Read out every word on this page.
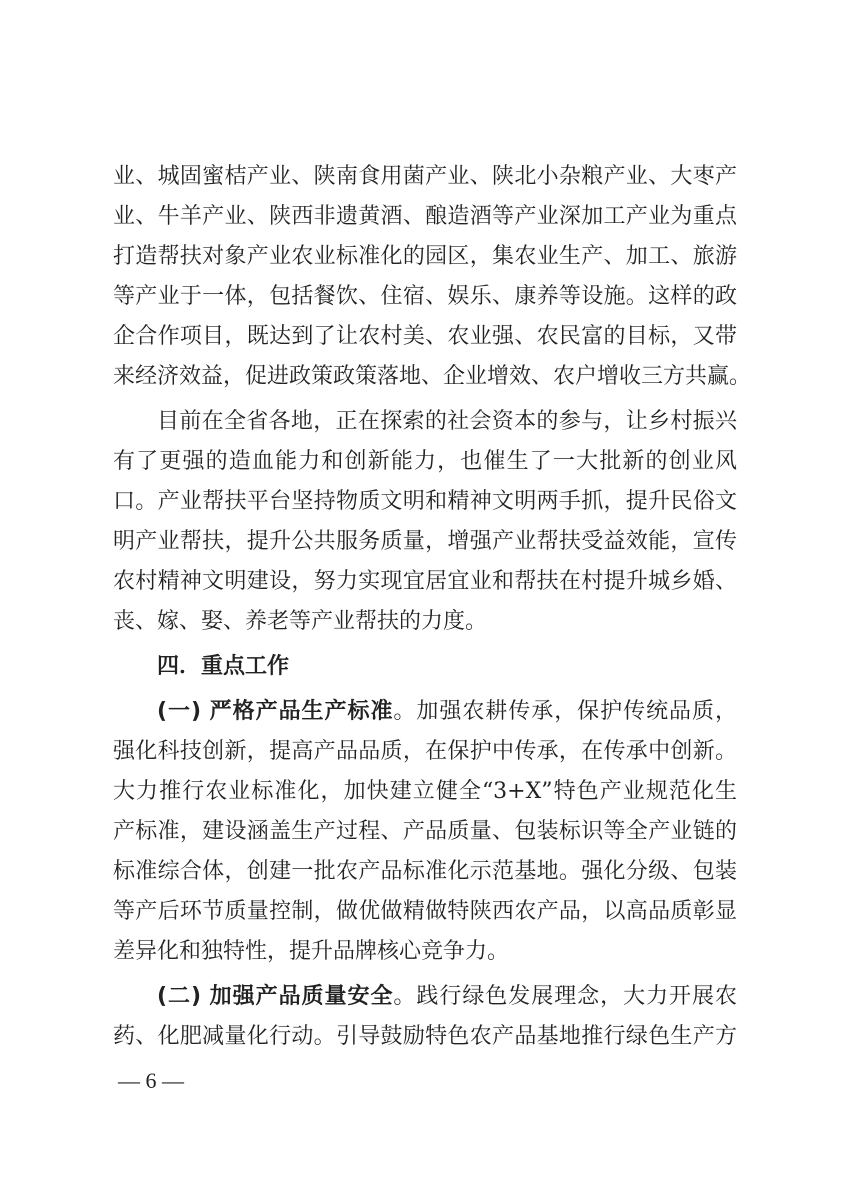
业、城固蜜桔产业、陕南食用菌产业、陕北小杂粮产业、大枣产
业、牛羊产业、陕西非遗黄酒、酿造酒等产业深加工产业为重点
打造帮扶对象产业农业标准化的园区，集农业生产、加工、旅游
等产业于一体，包括餐饮、住宿、娱乐、康养等设施。这样的政
企合作项目，既达到了让农村美、农业强、农民富的目标，又带
来经济效益，促进政策政策落地、企业增效、农户增收三方共赢。
目前在全省各地，正在探索的社会资本的参与，让乡村振兴
有了更强的造血能力和创新能力，也催生了一大批新的创业风
口。产业帮扶平台坚持物质文明和精神文明两手抓，提升民俗文
明产业帮扶，提升公共服务质量，增强产业帮扶受益效能，宣传
农村精神文明建设，努力实现宜居宜业和帮扶在村提升城乡婚、
丧、嫁、娶、养老等产业帮扶的力度。
四．重点工作
(一) 严格产品生产标准。加强农耕传承，保护传统品质，
强化科技创新，提高产品品质，在保护中传承，在传承中创新。
大力推行农业标准化，加快建立健全“3+X”特色产业规范化生
产标准，建设涵盖生产过程、产品质量、包装标识等全产业链的
标准综合体，创建一批农产品标准化示范基地。强化分级、包装
等产后环节质量控制，做优做精做特陕西农产品，以高品质彰显
差异化和独特性，提升品牌核心竞争力。
(二) 加强产品质量安全。践行绿色发展理念，大力开展农
药、化肥减量化行动。引导鼓励特色农产品基地推行绿色生产方
— 6 —
